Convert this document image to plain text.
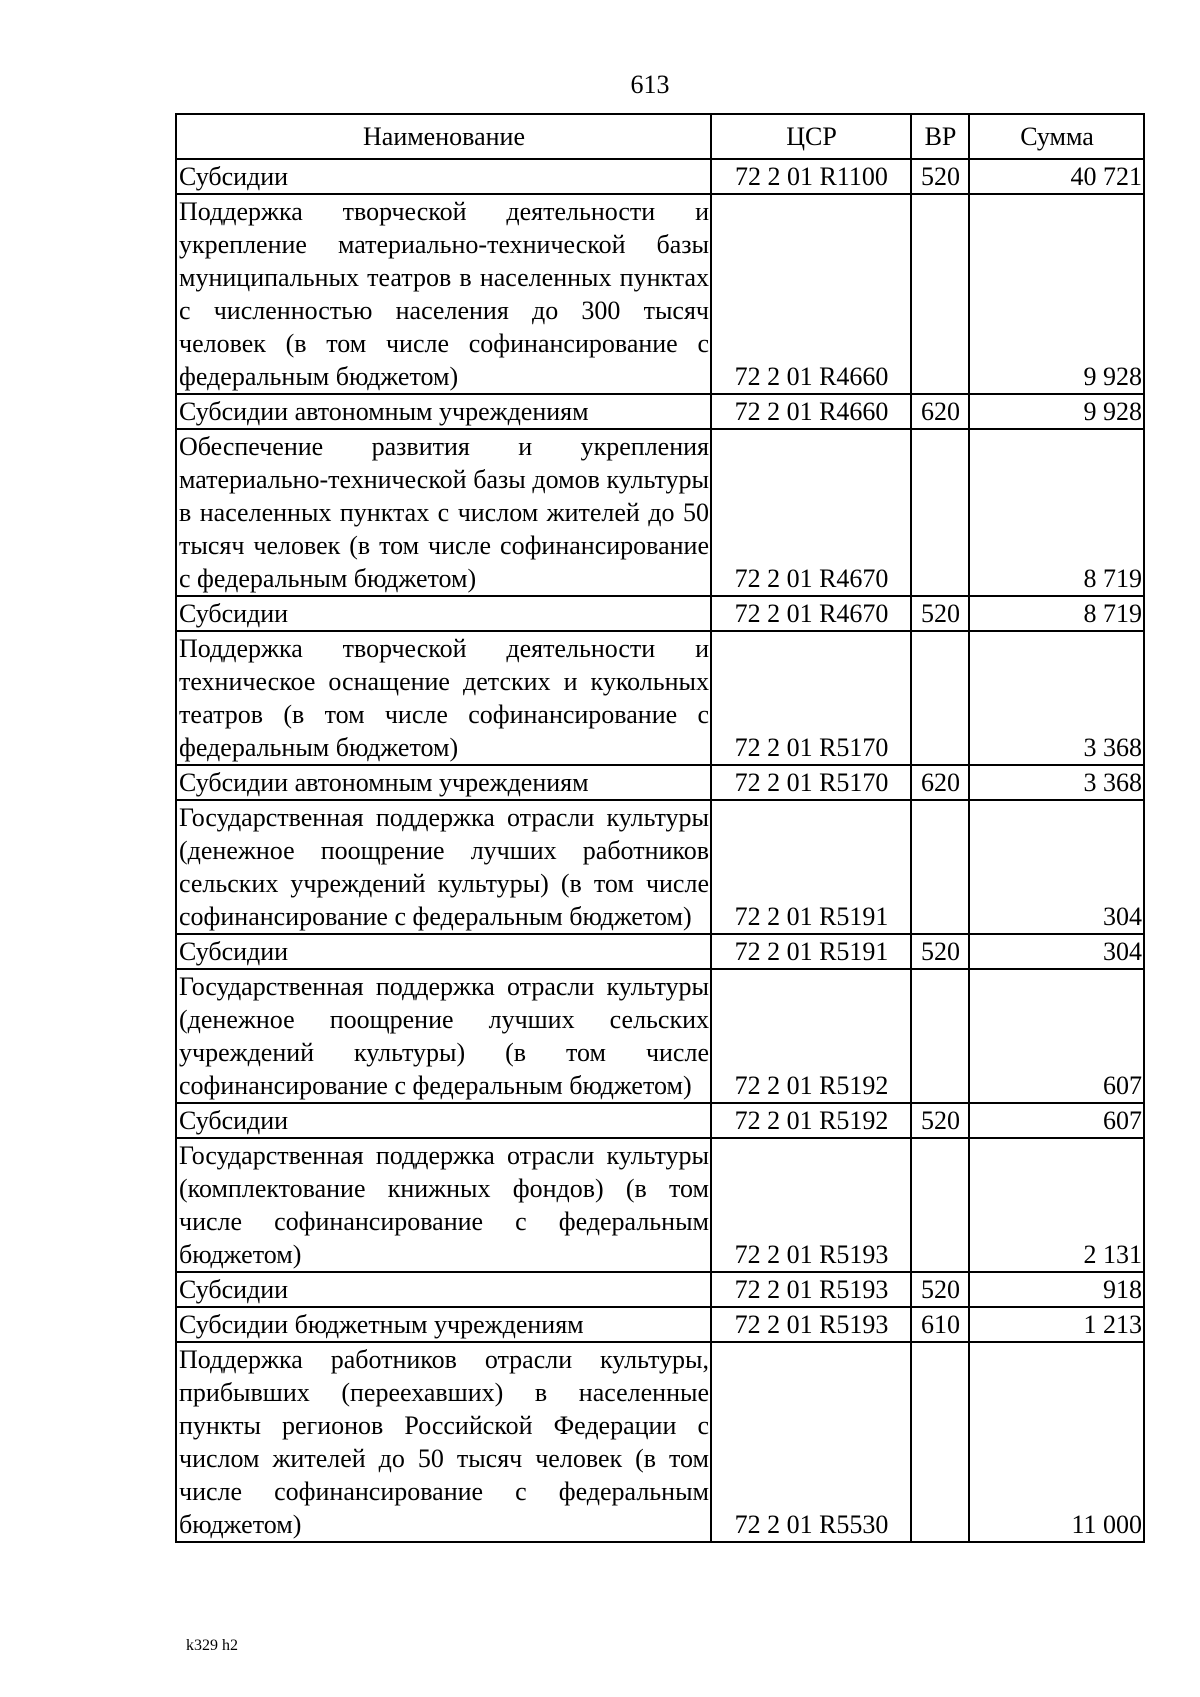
613
Наименование	ЦСР	ВР	Сумма
Субсидии	72 2 01 R1100	520	40 721
Поддержка творческой деятельности и укрепление материально-технической базы муниципальных театров в населенных пунктах с численностью населения до 300 тысяч человек (в том числе софинансирование с федеральным бюджетом)	72 2 01 R4660		9 928
Субсидии автономным учреждениям	72 2 01 R4660	620	9 928
Обеспечение развития и укрепления материально-технической базы домов культуры в населенных пунктах с числом жителей до 50 тысяч человек (в том числе софинансирование с федеральным бюджетом)	72 2 01 R4670		8 719
Субсидии	72 2 01 R4670	520	8 719
Поддержка творческой деятельности и техническое оснащение детских и кукольных театров (в том числе софинансирование с федеральным бюджетом)	72 2 01 R5170		3 368
Субсидии автономным учреждениям	72 2 01 R5170	620	3 368
Государственная поддержка отрасли культуры (денежное поощрение лучших работников сельских учреждений культуры) (в том числе софинансирование с федеральным бюджетом)	72 2 01 R5191		304
Субсидии	72 2 01 R5191	520	304
Государственная поддержка отрасли культуры (денежное поощрение лучших сельских учреждений культуры) (в том числе софинансирование с федеральным бюджетом)	72 2 01 R5192		607
Субсидии	72 2 01 R5192	520	607
Государственная поддержка отрасли культуры (комплектование книжных фондов) (в том числе софинансирование с федеральным бюджетом)	72 2 01 R5193		2 131
Субсидии	72 2 01 R5193	520	918
Субсидии бюджетным учреждениям	72 2 01 R5193	610	1 213
Поддержка работников отрасли культуры, прибывших (переехавших) в населенные пункты регионов Российской Федерации с числом жителей до 50 тысяч человек (в том числе софинансирование с федеральным бюджетом)	72 2 01 R5530		11 000
k329 h2
